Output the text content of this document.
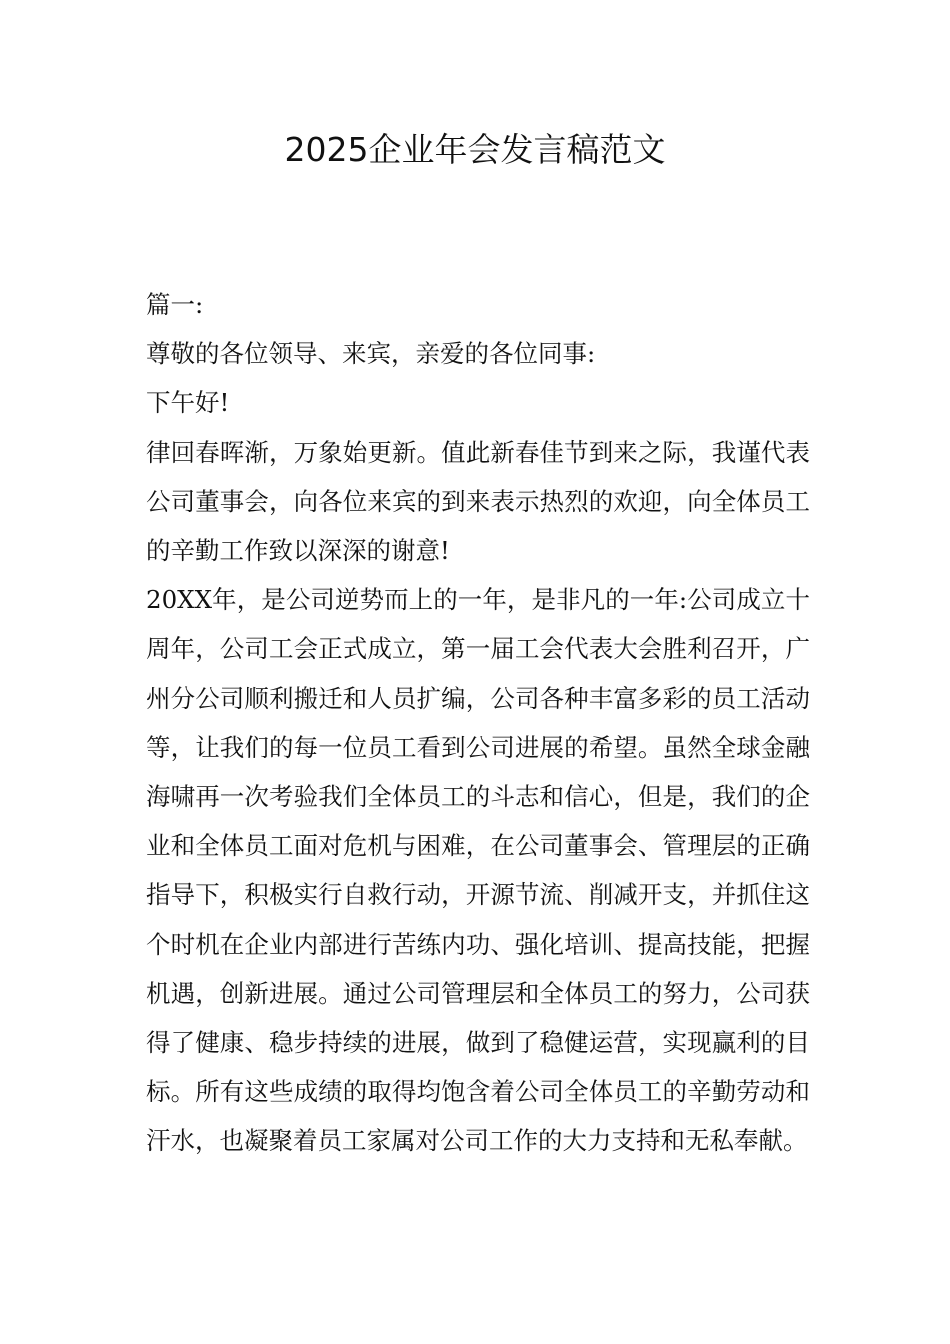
2025企业年会发言稿范文

篇一:

尊敬的各位领导、来宾，亲爱的各位同事:

下午好!

律回春晖渐，万象始更新。值此新春佳节到来之际，我谨代表公司董事会，向各位来宾的到来表示热烈的欢迎，向全体员工的辛勤工作致以深深的谢意!

20XX年，是公司逆势而上的一年，是非凡的一年:公司成立十周年，公司工会正式成立，第一届工会代表大会胜利召开，广州分公司顺利搬迁和人员扩编，公司各种丰富多彩的员工活动等，让我们的每一位员工看到公司进展的希望。虽然全球金融海啸再一次考验我们全体员工的斗志和信心，但是，我们的企业和全体员工面对危机与困难，在公司董事会、管理层的正确指导下，积极实行自救行动，开源节流、削减开支，并抓住这个时机在企业内部进行苦练内功、强化培训、提高技能，把握机遇，创新进展。通过公司管理层和全体员工的努力，公司获得了健康、稳步持续的进展，做到了稳健运营，实现赢利的目标。所有这些成绩的取得均饱含着公司全体员工的辛勤劳动和汗水，也凝聚着员工家属对公司工作的大力支持和无私奉献。
